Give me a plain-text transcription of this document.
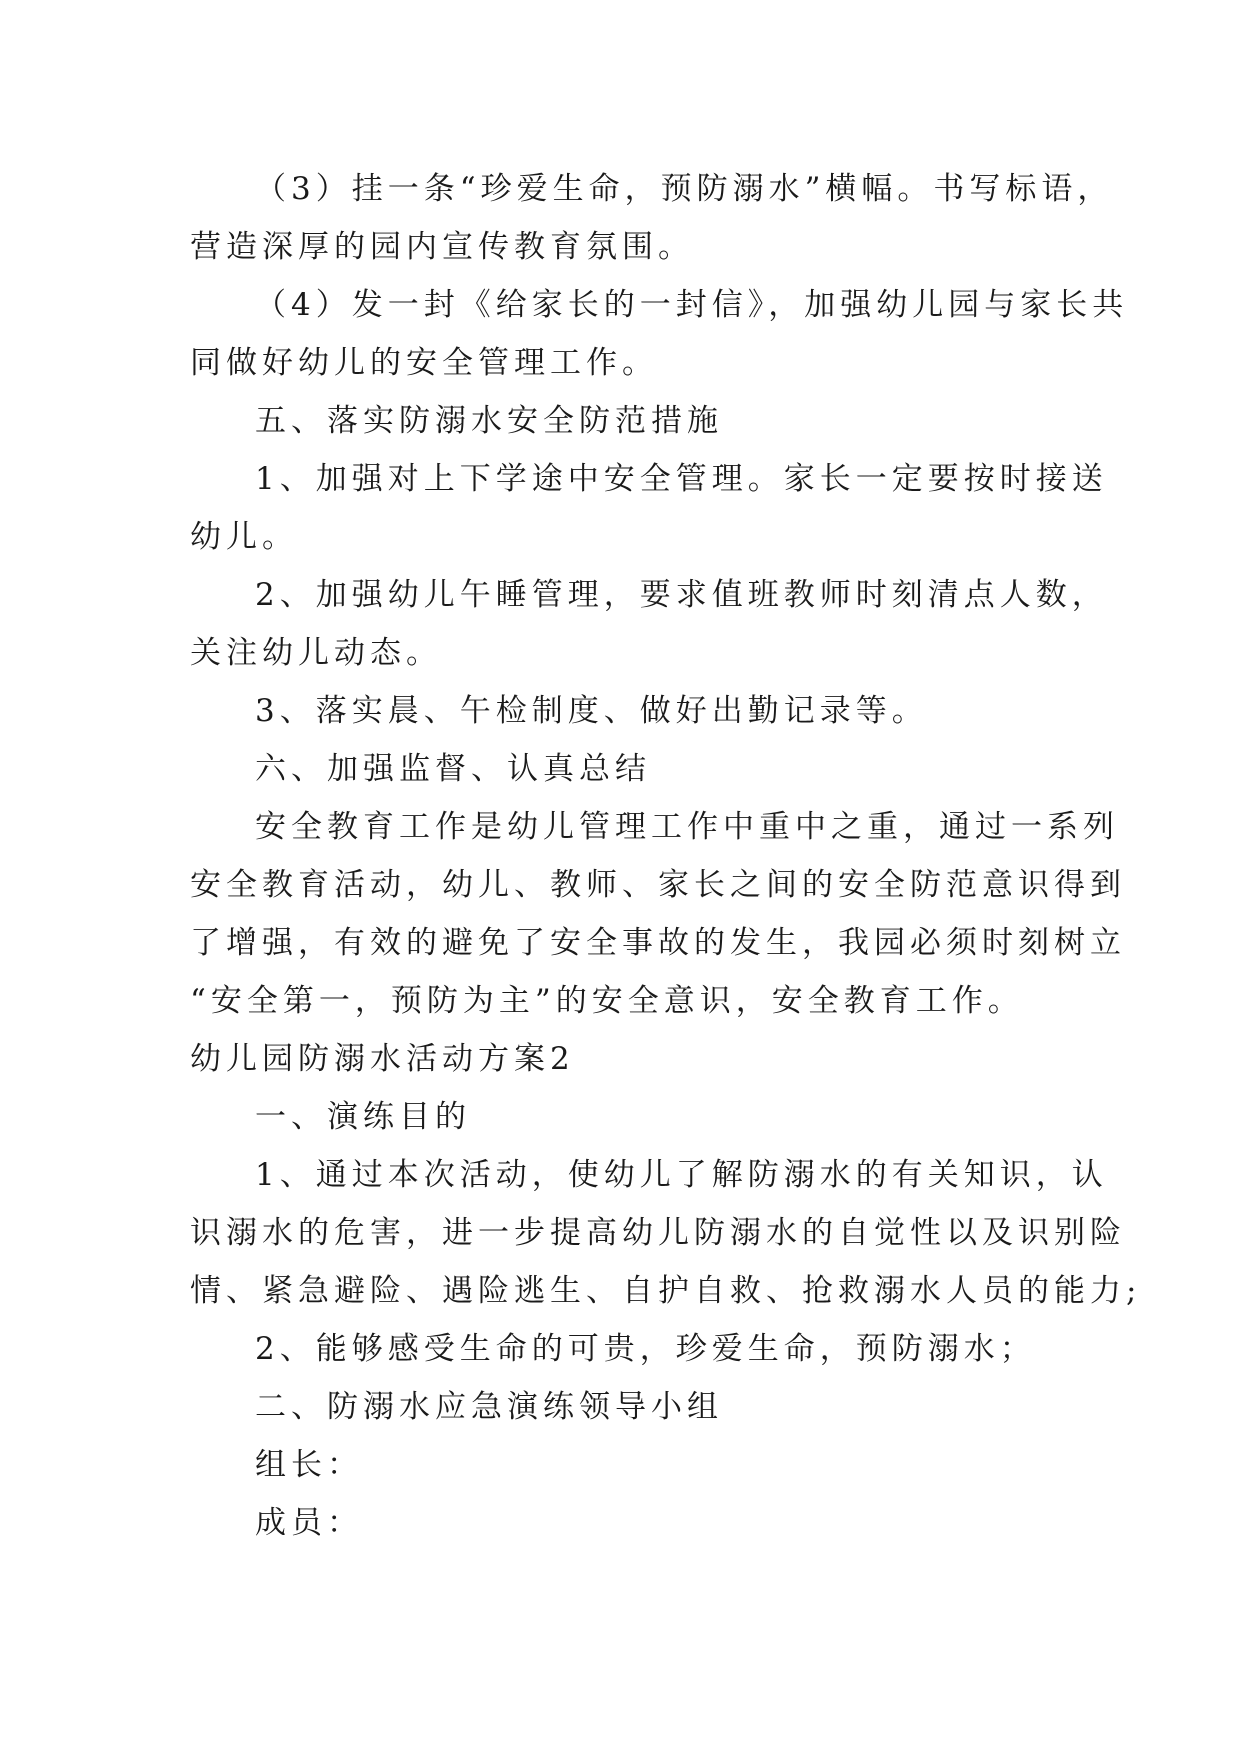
（3）挂一条“珍爱生命，预防溺水”横幅。书写标语，
营造深厚的园内宣传教育氛围。
（4）发一封《给家长的一封信》，加强幼儿园与家长共
同做好幼儿的安全管理工作。
五、落实防溺水安全防范措施
1、加强对上下学途中安全管理。家长一定要按时接送
幼儿。
2、加强幼儿午睡管理，要求值班教师时刻清点人数，
关注幼儿动态。
3、落实晨、午检制度、做好出勤记录等。
六、加强监督、认真总结
安全教育工作是幼儿管理工作中重中之重，通过一系列
安全教育活动，幼儿、教师、家长之间的安全防范意识得到
了增强，有效的避免了安全事故的发生，我园必须时刻树立
“安全第一，预防为主”的安全意识，安全教育工作。
幼儿园防溺水活动方案2
一、演练目的
1、通过本次活动，使幼儿了解防溺水的有关知识，认
识溺水的危害，进一步提高幼儿防溺水的自觉性以及识别险
情、紧急避险、遇险逃生、自护自救、抢救溺水人员的能力;
2、能够感受生命的可贵，珍爱生命，预防溺水；
二、防溺水应急演练领导小组
组长：
成员：
